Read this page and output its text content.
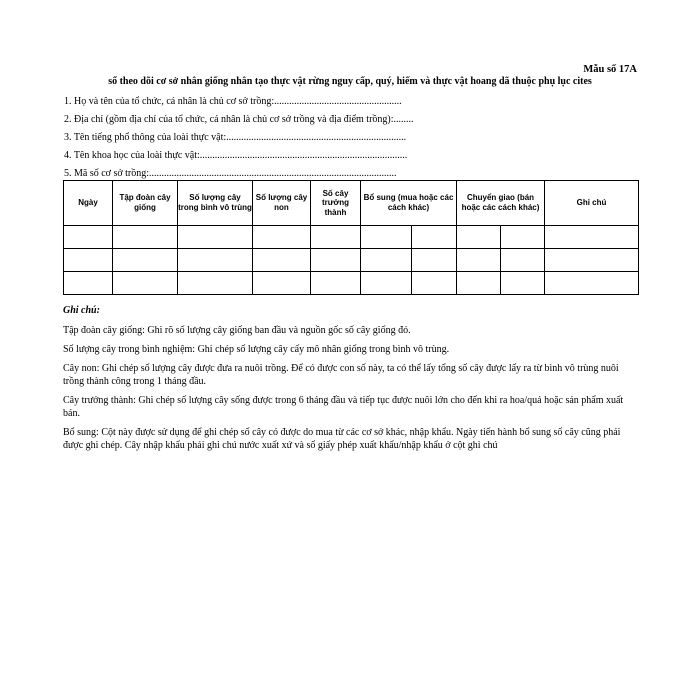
Mẫu số 17A
sổ theo dõi cơ sở nhân giống nhân tạo thực vật rừng nguy cấp, quý, hiếm và thực vật hoang dã thuộc phụ lục cites
1. Họ và tên của tổ chức, cá nhân là chủ cơ sở trồng:...................................................
2. Địa chỉ (gồm địa chỉ của tổ chức, cá nhân là chủ cơ sở trồng và địa điểm trồng):........
3. Tên tiếng phổ thông của loài thực vật:........................................................................
4. Tên khoa học của loài thực vật:...................................................................................
5. Mã số cơ sở trồng:...................................................................................................
Ngày	Tập đoàn cây giống	Số lượng cây trong bình vô trùng	Số lượng cây non	Số cây trưởng thành	Bổ sung (mua hoặc các cách khác)		Chuyển giao (bán hoặc các cách khác)		Ghi chú

Ghi chú:

Tập đoàn cây giống: Ghi rõ số lượng cây giống ban đầu và nguồn gốc số cây giống đó.

Số lượng cây trong bình nghiệm: Ghi chép số lượng cây cấy mô nhân giống trong bình vô trùng.

Cây non: Ghi chép số lượng cây được đưa ra nuôi trồng. Để có được con số này, ta có thể lấy tổng số cây được lấy ra từ bình vô trùng nuôi trồng thành công trong 1 tháng đầu.

Cây trưởng thành: Ghi chép số lượng cây sống được trong 6 tháng đầu và tiếp tục được nuôi lớn cho đến khi ra hoa/quả hoặc sản phẩm xuất bán.

Bổ sung: Cột này được sử dụng để ghi chép số cây có được do mua từ các cơ sở khác, nhập khẩu. Ngày tiến hành bổ sung số cây cũng phải được ghi chép. Cây nhập khẩu phải ghi chú nước xuất xứ và số giấy phép xuất khẩu/nhập khẩu ở cột ghi chú
